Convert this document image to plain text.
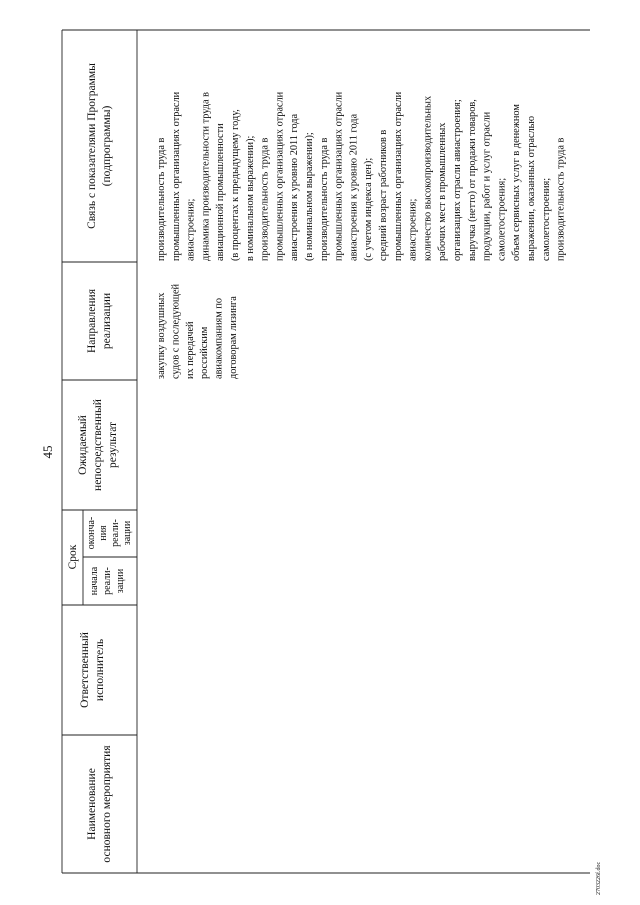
45
Наименование основного мероприятия
Ответственный исполнитель
Срок
начала реали- зации
оконча- ния реали- зации
Ожидаемый непосредственный результат
Направления реализации
Связь с показателями Программы (подпрограммы)
закупку воздушных судов с последующей их передачей российским авиакомпаниям по договорам лизинга
производительность труда в промышленных организациях отрасли авиастроения; динамика производительности труда в авиационной промышленности (в процентах к предыдущему году, в номинальном выражении); производительность труда в промышленных организациях отрасли авиастроения к уровню 2011 года (в номинальном выражении); производительность труда в промышленных организациях отрасли авиастроения к уровню 2011 года (с учетом индекса цен); средний возраст работников в промышленных организациях отрасли авиастроения; количество высокопроизводительных рабочих мест в промышленных организациях отрасли авиастроения; выручка (нетто) от продажи товаров, продукции, работ и услуг отрасли самолетостроения; объем сервисных услуг в денежном выражении, оказанных отраслью самолетостроения; производительность труда в
2703226f.doc
